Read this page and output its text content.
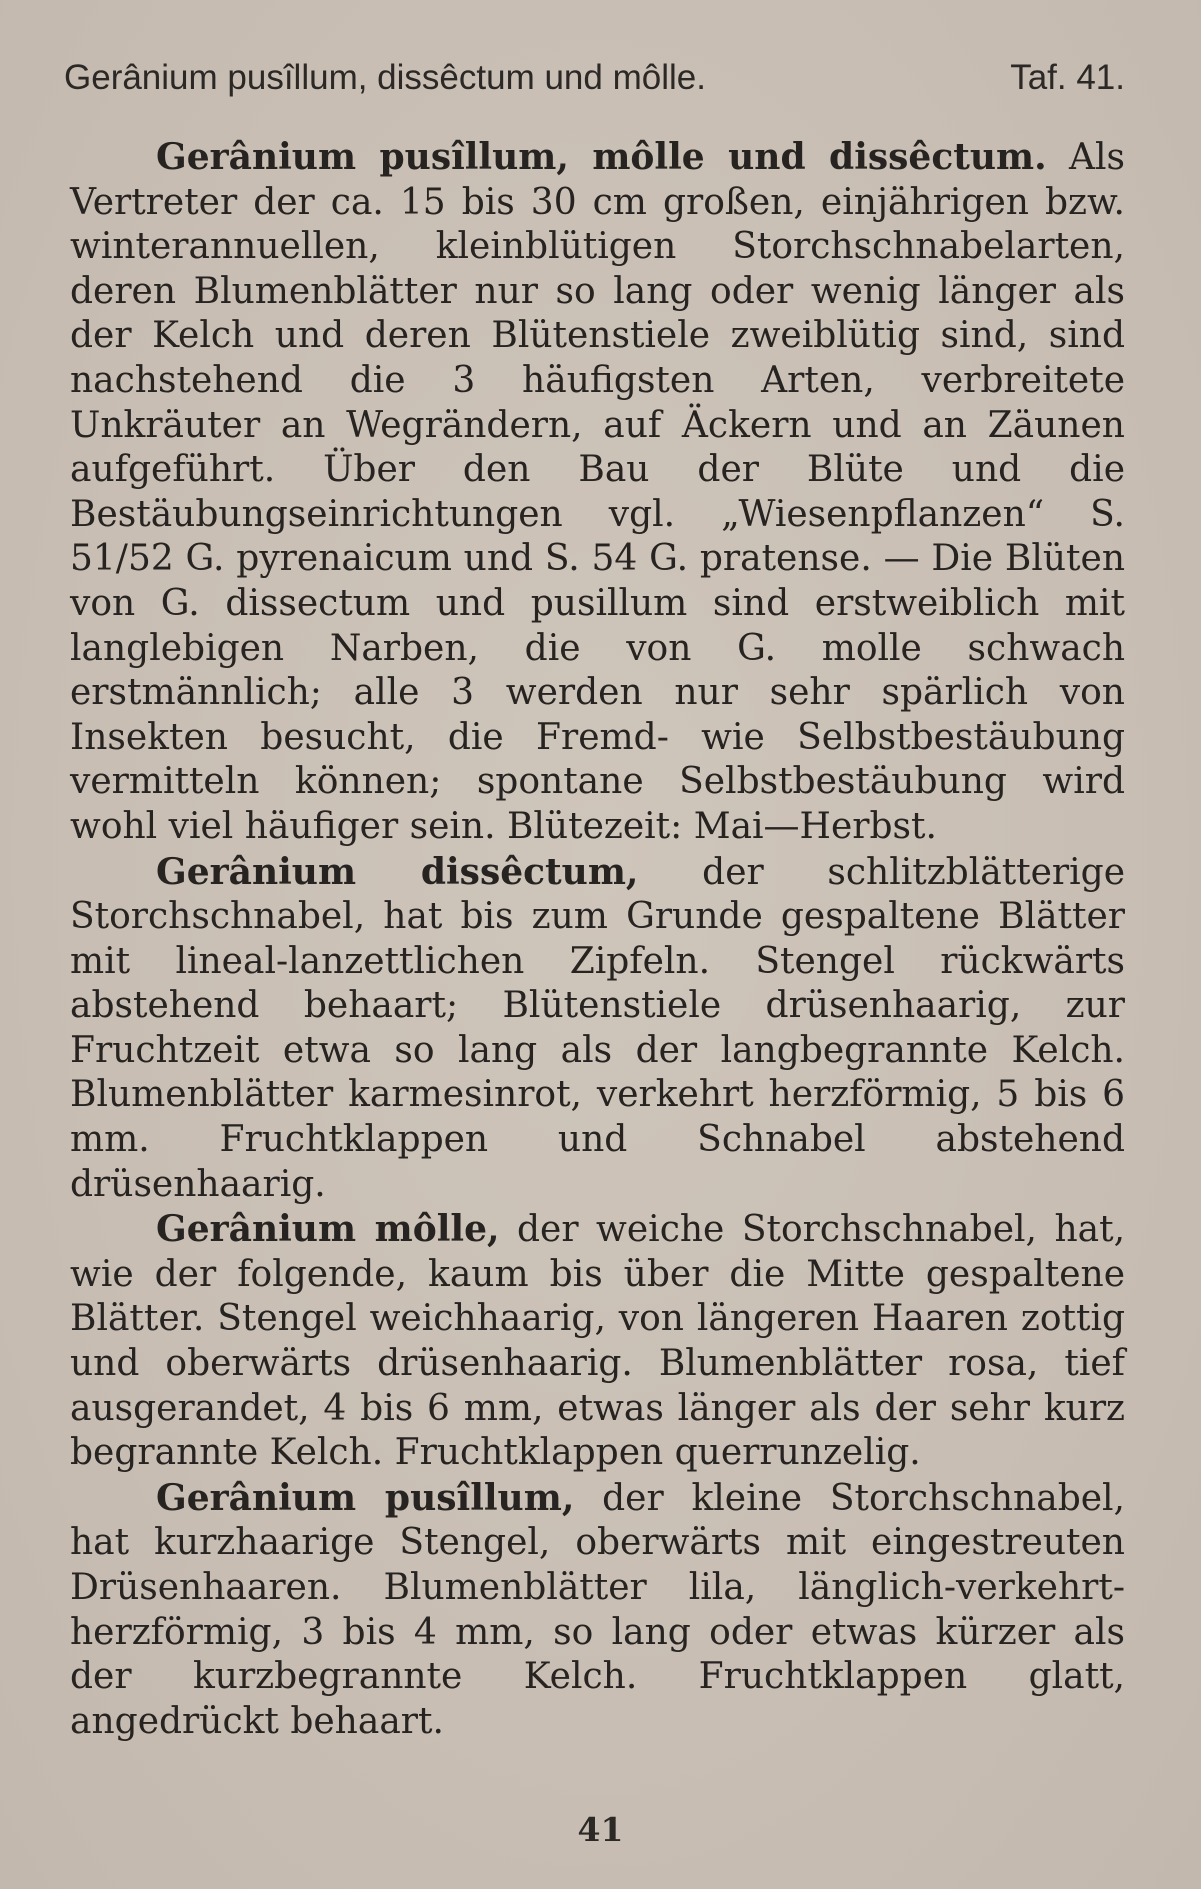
Gerânium pusîllum, dissêctum und môlle.	Taf. 41.

Gerânium pusîllum, môlle und dissêctum. Als Vertreter der ca. 15 bis 30 cm großen, einjährigen bzw. winterannuellen, kleinblütigen Storchschnabelarten, deren Blumenblätter nur so lang oder wenig länger als der Kelch und deren Blütenstiele zweiblütig sind, sind nachstehend die 3 häufigsten Arten, verbreitete Unkräuter an Wegrändern, auf Äckern und an Zäunen aufgeführt. Über den Bau der Blüte und die Bestäubungseinrichtungen vgl. „Wiesenpflanzen“ S. 51/52 G. pyrenaicum und S. 54 G. pratense. — Die Blüten von G. dissectum und pusillum sind erstweiblich mit langlebigen Narben, die von G. molle schwach erstmännlich; alle 3 werden nur sehr spärlich von Insekten besucht, die Fremd- wie Selbstbestäubung vermitteln können; spontane Selbstbestäubung wird wohl viel häufiger sein. Blütezeit: Mai—Herbst.

Gerânium dissêctum, der schlitzblätterige Storchschnabel, hat bis zum Grunde gespaltene Blätter mit lineal-lanzettlichen Zipfeln. Stengel rückwärts abstehend behaart; Blütenstiele drüsenhaarig, zur Fruchtzeit etwa so lang als der langbegrannte Kelch. Blumenblätter karmesinrot, verkehrt herzförmig, 5 bis 6 mm. Fruchtklappen und Schnabel abstehend drüsenhaarig.

Gerânium môlle, der weiche Storchschnabel, hat, wie der folgende, kaum bis über die Mitte gespaltene Blätter. Stengel weichhaarig, von längeren Haaren zottig und oberwärts drüsenhaarig. Blumenblätter rosa, tief ausgerandet, 4 bis 6 mm, etwas länger als der sehr kurz begrannte Kelch. Fruchtklappen querrunzelig.

Gerânium pusîllum, der kleine Storchschnabel, hat kurzhaarige Stengel, oberwärts mit eingestreuten Drüsenhaaren. Blumenblätter lila, länglich-verkehrt-herzförmig, 3 bis 4 mm, so lang oder etwas kürzer als der kurzbegrannte Kelch. Fruchtklappen glatt, angedrückt behaart.

41
